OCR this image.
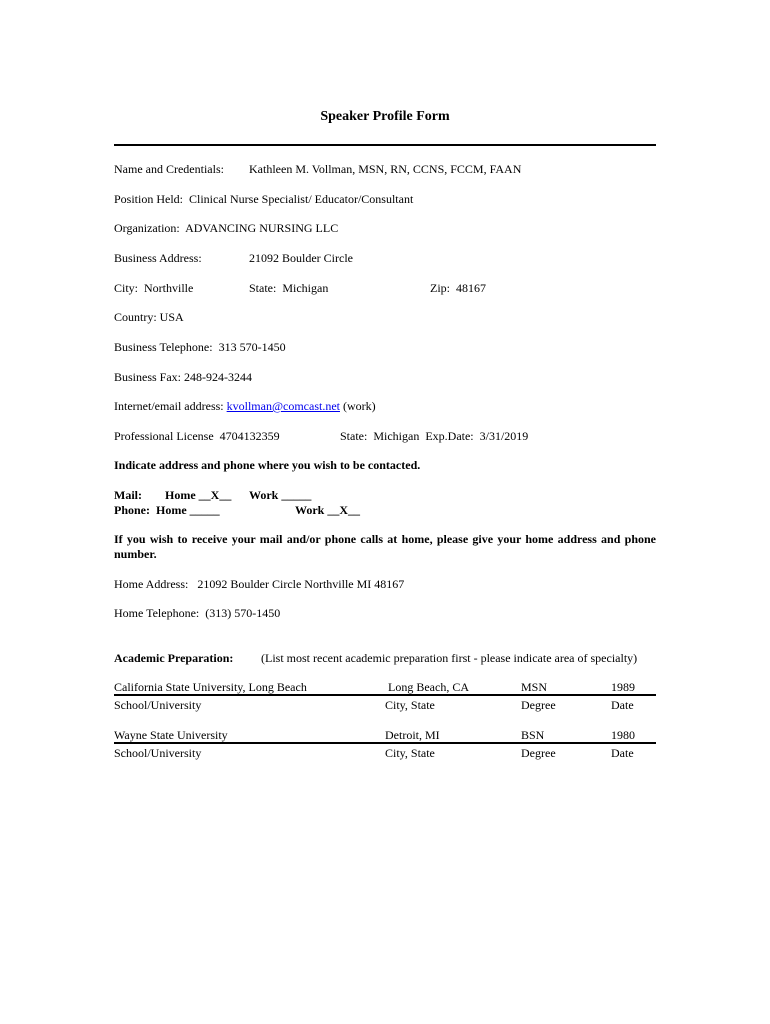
Speaker Profile Form
Name and Credentials: Kathleen M. Vollman, MSN, RN, CCNS, FCCM, FAAN
Position Held:  Clinical Nurse Specialist/ Educator/Consultant
Organization:  ADVANCING NURSING LLC
Business Address:	21092 Boulder Circle
City:  Northville	State:  Michigan	Zip:  48167
Country: USA
Business Telephone:  313 570-1450
Business Fax: 248-924-3244
Internet/email address: kvollman@comcast.net (work)
Professional License  4704132359	State:  Michigan  Exp.Date:  3/31/2019
Indicate address and phone where you wish to be contacted.
Mail: Home __X__ Work _____
Phone:  Home _____	Work __X__
If you wish to receive your mail and/or phone calls at home, please give your home address and phone number.
Home Address:   21092 Boulder Circle Northville MI 48167
Home Telephone:  (313) 570-1450
Academic Preparation: (List most recent academic preparation first - please indicate area of specialty)
California State University, Long Beach	Long Beach, CA	MSN	1989
School/University	City, State	Degree	Date
Wayne State University	Detroit, MI	BSN	1980
School/University	City, State	Degree	Date
